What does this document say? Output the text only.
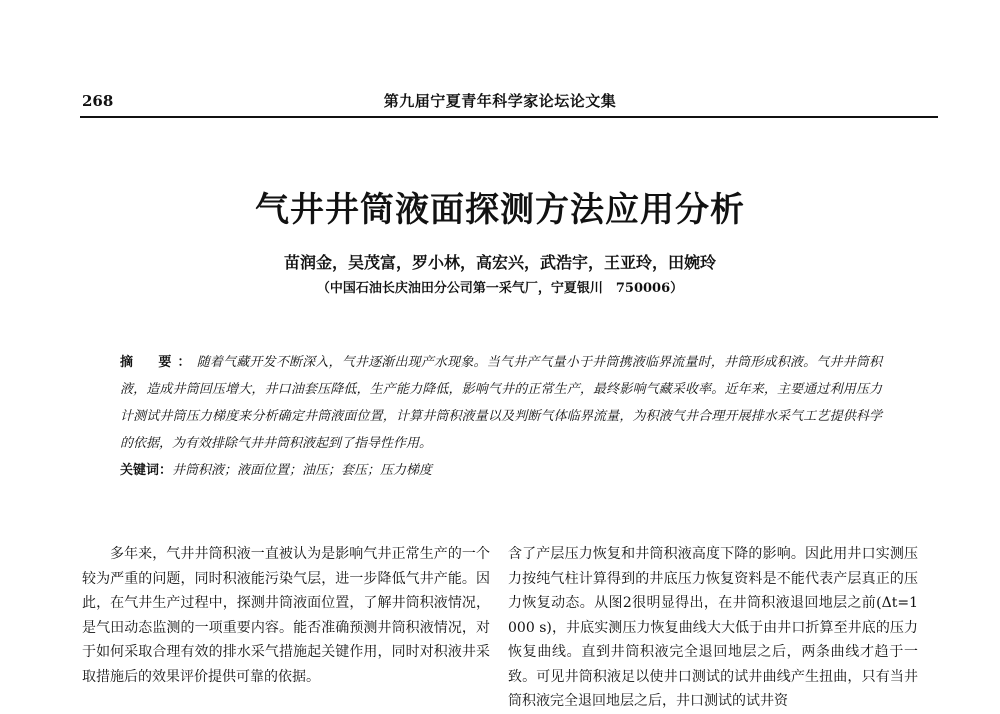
268	第九届宁夏青年科学家论坛论文集
气井井筒液面探测方法应用分析
苗润金，吴茂富，罗小林，高宏兴，武浩宇，王亚玲，田婉玲
（中国石油长庆油田分公司第一采气厂，宁夏银川　750006）
摘　要：随着气藏开发不断深入，气井逐渐出现产水现象。当气井产气量小于井筒携液临界流量时，井筒形成积液。气井井筒积液，造成井筒回压增大，井口油套压降低，生产能力降低，影响气井的正常生产，最终影响气藏采收率。近年来，主要通过利用压力计测试井筒压力梯度来分析确定井筒液面位置，计算井筒积液量以及判断气体临界流量，为积液气井合理开展排水采气工艺提供科学的依据，为有效排除气井井筒积液起到了指导性作用。
关键词：井筒积液；液面位置；油压；套压；压力梯度
多年来，气井井筒积液一直被认为是影响气井正常生产的一个较为严重的问题，同时积液能污染气层，进一步降低气井产能。因此，在气井生产过程中，探测井筒液面位置，了解井筒积液情况，是气田动态监测的一项重要内容。能否准确预测井筒积液情况，对于如何采取合理有效的排水采气措施起关键作用，同时对积液井采取措施后的效果评价提供可靠的依据。
含了产层压力恢复和井筒积液高度下降的影响。因此用井口实测压力按纯气柱计算得到的井底压力恢复资料是不能代表产层真正的压力恢复动态。从图2很明显得出，在井筒积液退回地层之前(Δt=1 000 s)，井底实测压力恢复曲线大大低于由井口折算至井底的压力恢复曲线。直到井筒积液完全退回地层之后，两条曲线才趋于一致。可见井筒积液足以使井口测试的试井曲线产生扭曲，只有当井筒积液完全退回地层之后，井口测试的试井资
